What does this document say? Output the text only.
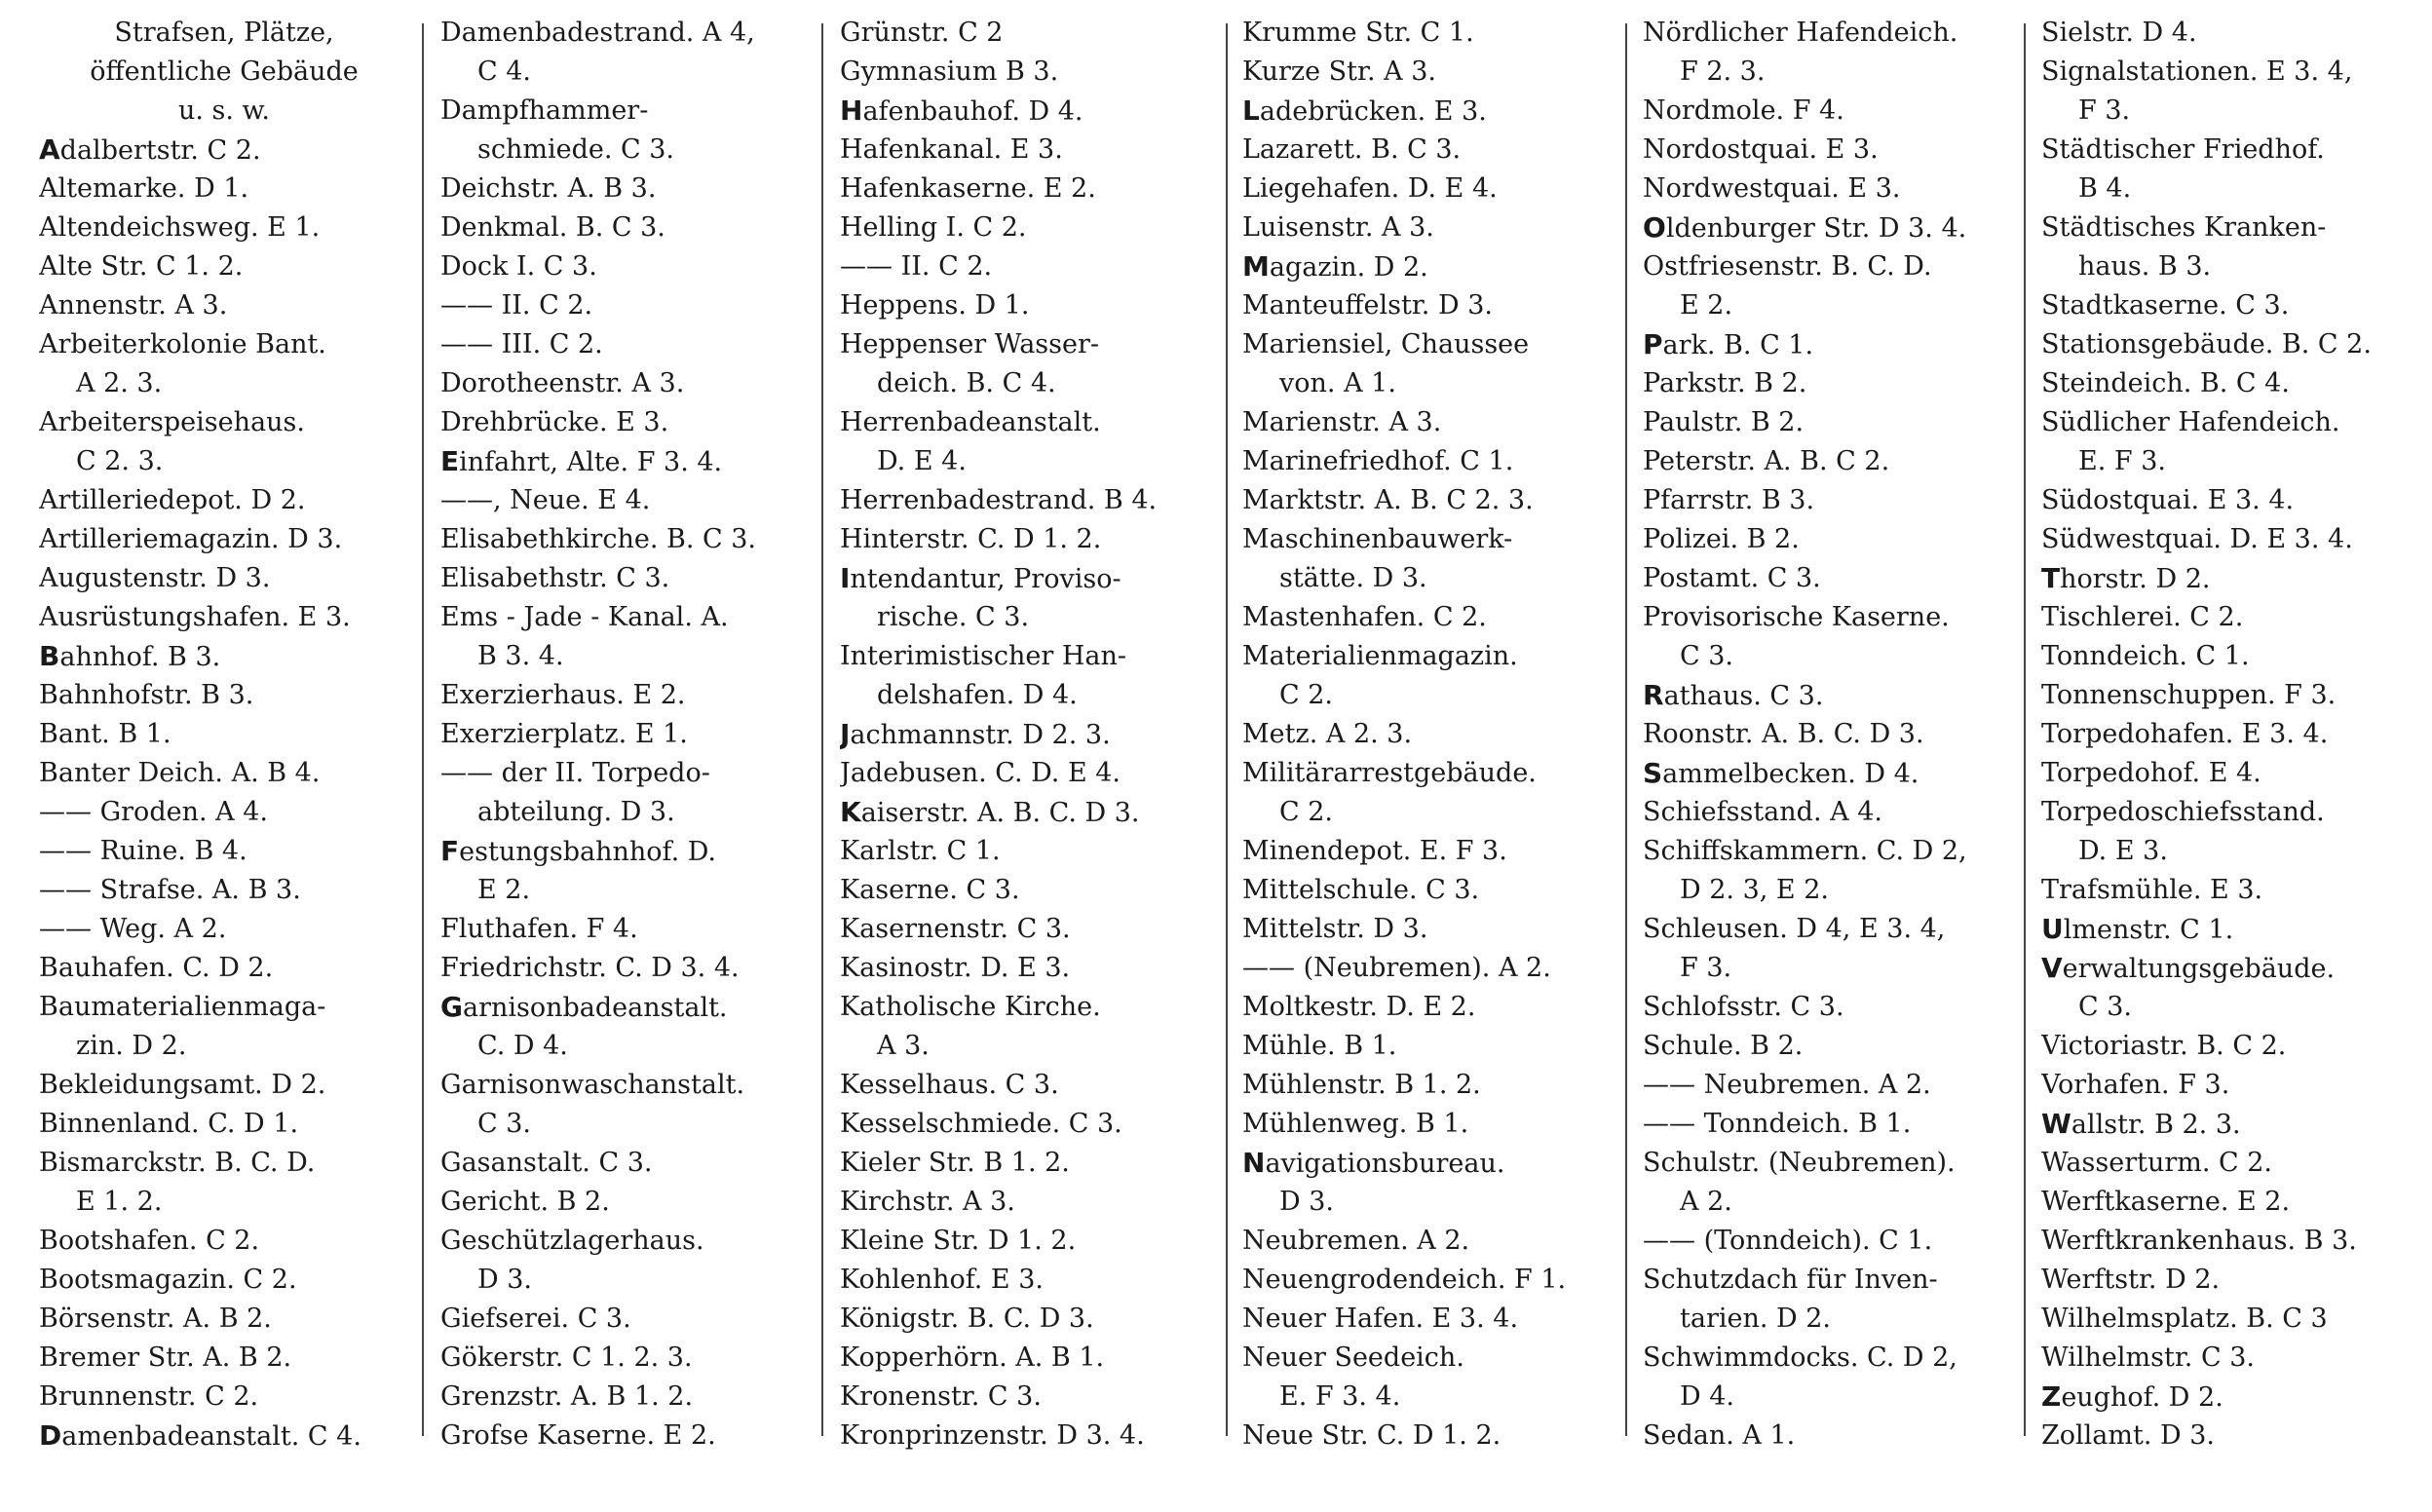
Strafsen, Plätze,
öffentliche Gebäude
u. s. w.
Adalbertstr. C 2.
Altemarke. D 1.
Altendeichsweg. E 1.
Alte Str. C 1. 2.
Annenstr. A 3.
Arbeiterkolonie Bant.
A 2. 3.
Arbeiterspeisehaus.
C 2. 3.
Artilleriedepot. D 2.
Artilleriemagazin. D 3.
Augustenstr. D 3.
Ausrüstungshafen. E 3.
Bahnhof. B 3.
Bahnhofstr. B 3.
Bant. B 1.
Banter Deich. A. B 4.
—— Groden. A 4.
—— Ruine. B 4.
—— Strafse. A. B 3.
—— Weg. A 2.
Bauhafen. C. D 2.
Baumaterialienmaga-
zin. D 2.
Bekleidungsamt. D 2.
Binnenland. C. D 1.
Bismarckstr. B. C. D.
E 1. 2.
Bootshafen. C 2.
Bootsmagazin. C 2.
Börsenstr. A. B 2.
Bremer Str. A. B 2.
Brunnenstr. C 2.
Damenbadeanstalt. C 4.
Damenbadestrand. A 4,
C 4.
Dampfhammer-
schmiede. C 3.
Deichstr. A. B 3.
Denkmal. B. C 3.
Dock I. C 3.
—— II. C 2.
—— III. C 2.
Dorotheenstr. A 3.
Drehbrücke. E 3.
Einfahrt, Alte. F 3. 4.
——, Neue. E 4.
Elisabethkirche. B. C 3.
Elisabethstr. C 3.
Ems - Jade - Kanal. A.
B 3. 4.
Exerzierhaus. E 2.
Exerzierplatz. E 1.
—— der II. Torpedo-
abteilung. D 3.
Festungsbahnhof. D.
E 2.
Fluthafen. F 4.
Friedrichstr. C. D 3. 4.
Garnisonbadeanstalt.
C. D 4.
Garnisonwaschanstalt.
C 3.
Gasanstalt. C 3.
Gericht. B 2.
Geschützlagerhaus.
D 3.
Giefserei. C 3.
Gökerstr. C 1. 2. 3.
Grenzstr. A. B 1. 2.
Grofse Kaserne. E 2.
Grünstr. C 2
Gymnasium B 3.
Hafenbauhof. D 4.
Hafenkanal. E 3.
Hafenkaserne. E 2.
Helling I. C 2.
—— II. C 2.
Heppens. D 1.
Heppenser Wasser-
deich. B. C 4.
Herrenbadeanstalt.
D. E 4.
Herrenbadestrand. B 4.
Hinterstr. C. D 1. 2.
Intendantur, Proviso-
rische. C 3.
Interimistischer Han-
delshafen. D 4.
Jachmannstr. D 2. 3.
Jadebusen. C. D. E 4.
Kaiserstr. A. B. C. D 3.
Karlstr. C 1.
Kaserne. C 3.
Kasernenstr. C 3.
Kasinostr. D. E 3.
Katholische Kirche.
A 3.
Kesselhaus. C 3.
Kesselschmiede. C 3.
Kieler Str. B 1. 2.
Kirchstr. A 3.
Kleine Str. D 1. 2.
Kohlenhof. E 3.
Königstr. B. C. D 3.
Kopperhörn. A. B 1.
Kronenstr. C 3.
Kronprinzenstr. D 3. 4.
Krumme Str. C 1.
Kurze Str. A 3.
Ladebrücken. E 3.
Lazarett. B. C 3.
Liegehafen. D. E 4.
Luisenstr. A 3.
Magazin. D 2.
Manteuffelstr. D 3.
Mariensiel, Chaussee
von. A 1.
Marienstr. A 3.
Marinefriedhof. C 1.
Marktstr. A. B. C 2. 3.
Maschinenbauwerk-
stätte. D 3.
Mastenhafen. C 2.
Materialienmagazin.
C 2.
Metz. A 2. 3.
Militärarrestgebäude.
C 2.
Minendepot. E. F 3.
Mittelschule. C 3.
Mittelstr. D 3.
—— (Neubremen). A 2.
Moltkestr. D. E 2.
Mühle. B 1.
Mühlenstr. B 1. 2.
Mühlenweg. B 1.
Navigationsbureau.
D 3.
Neubremen. A 2.
Neuengrodendeich. F 1.
Neuer Hafen. E 3. 4.
Neuer Seedeich.
E. F 3. 4.
Neue Str. C. D 1. 2.
Nördlicher Hafendeich.
F 2. 3.
Nordmole. F 4.
Nordostquai. E 3.
Nordwestquai. E 3.
Oldenburger Str. D 3. 4.
Ostfriesenstr. B. C. D.
E 2.
Park. B. C 1.
Parkstr. B 2.
Paulstr. B 2.
Peterstr. A. B. C 2.
Pfarrstr. B 3.
Polizei. B 2.
Postamt. C 3.
Provisorische Kaserne.
C 3.
Rathaus. C 3.
Roonstr. A. B. C. D 3.
Sammelbecken. D 4.
Schiefsstand. A 4.
Schiffskammern. C. D 2,
D 2. 3, E 2.
Schleusen. D 4, E 3. 4,
F 3.
Schlofsstr. C 3.
Schule. B 2.
—— Neubremen. A 2.
—— Tonndeich. B 1.
Schulstr. (Neubremen).
A 2.
—— (Tonndeich). C 1.
Schutzdach für Inven-
tarien. D 2.
Schwimmdocks. C. D 2,
D 4.
Sedan. A 1.
Sielstr. D 4.
Signalstationen. E 3. 4,
F 3.
Städtischer Friedhof.
B 4.
Städtisches Kranken-
haus. B 3.
Stadtkaserne. C 3.
Stationsgebäude. B. C 2.
Steindeich. B. C 4.
Südlicher Hafendeich.
E. F 3.
Südostquai. E 3. 4.
Südwestquai. D. E 3. 4.
Thorstr. D 2.
Tischlerei. C 2.
Tonndeich. C 1.
Tonnenschuppen. F 3.
Torpedohafen. E 3. 4.
Torpedohof. E 4.
Torpedoschiefsstand.
D. E 3.
Trafsmühle. E 3.
Ulmenstr. C 1.
Verwaltungsgebäude.
C 3.
Victoriastr. B. C 2.
Vorhafen. F 3.
Wallstr. B 2. 3.
Wasserturm. C 2.
Werftkaserne. E 2.
Werftkrankenhaus. B 3.
Werftstr. D 2.
Wilhelmsplatz. B. C 3
Wilhelmstr. C 3.
Zeughof. D 2.
Zollamt. D 3.
